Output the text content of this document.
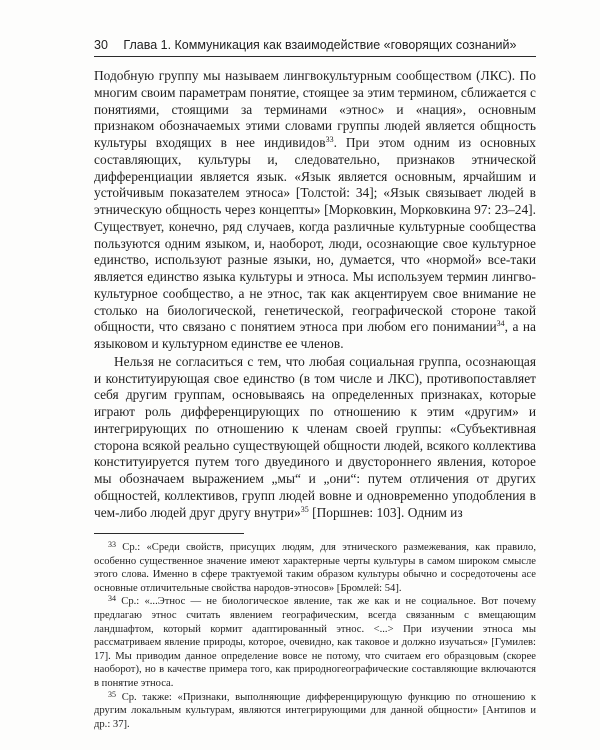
30 Глава 1. Коммуникация как взаимодействие «говорящих сознаний»

Подобную группу мы называем лингвокультурным сообществом (ЛКС). По многим своим параметрам понятие, стоящее за этим термином, сближается с понятиями, стоящими за терминами «этнос» и «нация», основным признаком обозначаемых этими словами группы людей является общность культуры входящих в нее индивидов$^{33}$. При этом одним из основных составляющих, культуры и, следовательно, признаков этнической дифференциации является язык. «Язык является основным, ярчайшим и устойчивым показателем этноса» [Толстой: 34]; «Язык связывает людей в этническую общность через концепты» [Морковкин, Морковкина 97: 23–24]. Существует, конечно, ряд случаев, когда различные культурные сообщества пользуются одним языком, и, наоборот, люди, осознающие свое культурное единство, используют разные языки, но, думается, что «нормой» все-таки является единство языка культуры и этноса. Мы используем термин лингвокультурное сообщество, а не этнос, так как акцентируем свое внимание не столько на биологической, генетической, географической стороне такой общности, что связано с понятием этноса при любом его понимании$^{34}$, а на языковом и культурном единстве ее членов.

Нельзя не согласиться с тем, что любая социальная группа, осознающая и конституирующая свое единство (в том числе и ЛКС), противопоставляет себя другим группам, основываясь на определенных признаках, которые играют роль дифференцирующих по отношению к этим «другим» и интегрирующих по отношению к членам своей группы: «Субъективная сторона всякой реально существующей общности людей, всякого коллектива конституируется путем того двуединого и двустороннего явления, которое мы обозначаем выражением „мы“ и „они“: путем отличения от других общностей, коллективов, групп людей вовне и одновременно уподобления в чем-либо людей друг другу внутри»$^{35}$ [Поршнев: 103]. Одним из

$^{33}$ Ср.: «Среди свойств, присущих людям, для этнического размежевания, как правило, особенно существенное значение имеют характерные черты культуры в самом широком смысле этого слова. Именно в сфере трактуемой таким образом культуры обычно и сосредоточены асе основные отличительные свойства народов-этносов» [Бромлей: 54].

$^{34}$ Ср.: «...Этнос — не биологическое явление, так же как и не социальное. Вот почему предлагаю этнос считать явлением географическим, всегда связанным с вмещающим ландшафтом, который кормит адаптированный этнос. <...> При изучении этноса мы рассматриваем явление природы, которое, очевидно, как таковое и должно изучаться» [Гумилев: 17]. Мы приводим данное определение вовсе не потому, что считаем его образцовым (скорее наоборот), но в качестве примера того, как природногеографические составляющие включаются в понятие этноса.

$^{35}$ Ср. также: «Признаки, выполняющие дифференцирующую функцию по отношению к другим локальным культурам, являются интегрирующими для данной общности» [Антипов и др.: 37].
